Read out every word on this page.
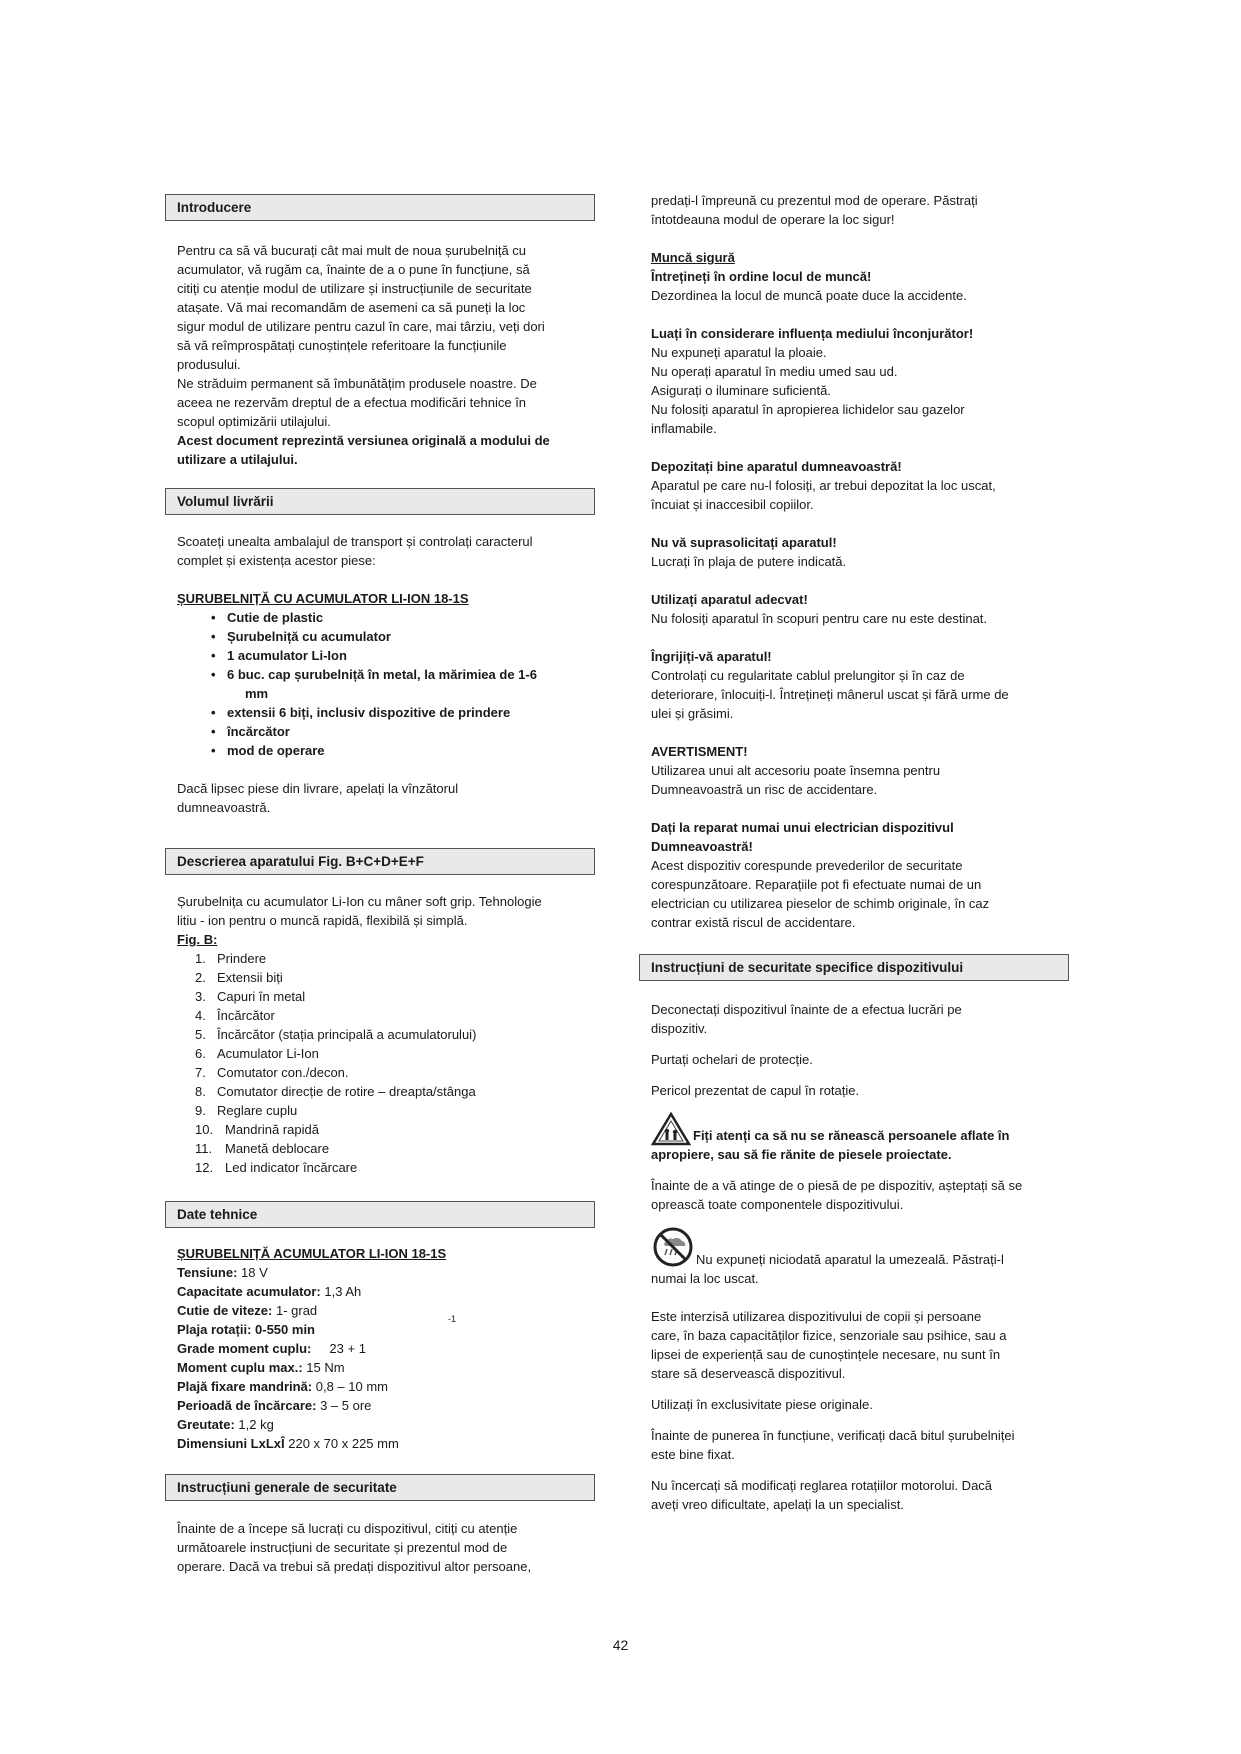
Introducere

Pentru ca să vă bucurați cât mai mult de noua șurubelniță cu

acumulator, vă rugăm ca, înainte de a o pune în funcțiune, să

citiți cu atenție modul de utilizare și instrucțiunile de securitate

atașate. Vă mai recomandăm de asemeni ca să puneți la loc

sigur modul de utilizare pentru cazul în care, mai târziu, veți dori

să vă reîmprospătați cunoștințele referitoare la funcțiunile

produsului.

Ne străduim permanent să îmbunătățim produsele noastre. De

aceea ne rezervăm dreptul de a efectua modificări tehnice în

scopul optimizării utilajului.

Acest document reprezintă versiunea originală a modului de

utilizare a utilajului.

Volumul livrării

Scoateți unealta ambalajul de transport și controlați caracterul

complet și existența acestor piese:

ȘURUBELNIȚĂ CU ACUMULATOR LI-ION 18-1S

• Cutie de plastic
• Șurubelniță cu acumulator
• 1 acumulator Li-Ion
• 6 buc. cap șurubelniță în metal, la mărimiea de 1-6
mm
• extensii 6 biți, inclusiv dispozitive de prindere
• încărcător
• mod de operare

Dacă lipsec piese din livrare, apelați la vînzătorul

dumneavoastră.

Descrierea aparatului Fig. B+C+D+E+F

Șurubelnița cu acumulator Li-Ion cu mâner soft grip. Tehnologie

litiu - ion pentru o muncă rapidă, flexibilă și simplă.

Fig. B:

1. Prindere
2. Extensii biți
3. Capuri în metal
4. Încărcător
5. Încărcător (stația principală a acumulatorului)
6. Acumulator Li-Ion
7. Comutator con./decon.
8. Comutator direcție de rotire – dreapta/stânga
9. Reglare cuplu
10. Mandrină rapidă
11. Manetă deblocare
12. Led indicator încărcare
Date tehnice

ȘURUBELNIȚĂ ACUMULATOR LI-ION 18-1S

Tensiune: 18 V

Capacitate acumulator: 1,3 Ah

Cutie de viteze: 1- grad

Plaja rotații: 0-550 min
-1

Grade moment cuplu:     23 + 1

Moment cuplu max.: 15 Nm

Plajă fixare mandrină: 0,8 – 10 mm

Perioadă de încărcare: 3 – 5 ore

Greutate: 1,2 kg

Dimensiuni LxLxÎ 220 x 70 x 225 mm

Instrucțiuni generale de securitate

Înainte de a începe să lucrați cu dispozitivul, citiți cu atenție

următoarele instrucțiuni de securitate și prezentul mod de

operare. Dacă va trebui să predați dispozitivul altor persoane,

predați-l împreună cu prezentul mod de operare. Păstrați

întotdeauna modul de operare la loc sigur!

Muncă sigură

Întrețineți în ordine locul de muncă!

Dezordinea la locul de muncă poate duce la accidente.

Luați în considerare influența mediului înconjurător!

Nu expuneți aparatul la ploaie.

Nu operați aparatul în mediu umed sau ud.

Asigurați o iluminare suficientă.

Nu folosiți aparatul în apropierea lichidelor sau gazelor

inflamabile.

Depozitați bine aparatul dumneavoastră!

Aparatul pe care nu-l folosiți, ar trebui depozitat la loc uscat,

încuiat și inaccesibil copiilor.

Nu vă suprasolicitați aparatul!

Lucrați în plaja de putere indicată.

Utilizați aparatul adecvat!

Nu folosiți aparatul în scopuri pentru care nu este destinat.

Îngrijiți-vă aparatul!

Controlați cu regularitate cablul prelungitor și în caz de

deteriorare, înlocuiți-l. Întrețineți mânerul uscat și fără urme de

ulei și grăsimi.

AVERTISMENT!

Utilizarea unui alt accesoriu poate însemna pentru

Dumneavoastră un risc de accidentare.

Dați la reparat numai unui electrician dispozitivul

Dumneavoastră!

Acest dispozitiv corespunde prevederilor de securitate

corespunzătoare. Reparațiile pot fi efectuate numai de un

electrician cu utilizarea pieselor de schimb originale, în caz

contrar există riscul de accidentare.

Instrucțiuni de securitate specifice dispozitivului

Deconectați dispozitivul înainte de a efectua lucrări pe

dispozitiv.

Purtați ochelari de protecție.

Pericol prezentat de capul în rotație.

Fiți atenți ca să nu se rănească persoanele aflate în

apropiere, sau să fie rănite de piesele proiectate.

Înainte de a vă atinge de o piesă de pe dispozitiv, așteptați să se

oprească toate componentele dispozitivului.

Nu expuneți niciodată aparatul la umezeală. Păstrați-l

numai la loc uscat.

Este interzisă utilizarea dispozitivului de copii și persoane

care, în baza capacităților fizice, senzoriale sau psihice, sau a

lipsei de experiență sau de cunoștințele necesare, nu sunt în

stare să deservească dispozitivul.

Utilizați în exclusivitate piese originale.

Înainte de punerea în funcțiune, verificați dacă bitul șurubelniței

este bine fixat.

Nu încercați să modificați reglarea rotațiilor motorolui. Dacă

aveți vreo dificultate, apelați la un specialist.

42
